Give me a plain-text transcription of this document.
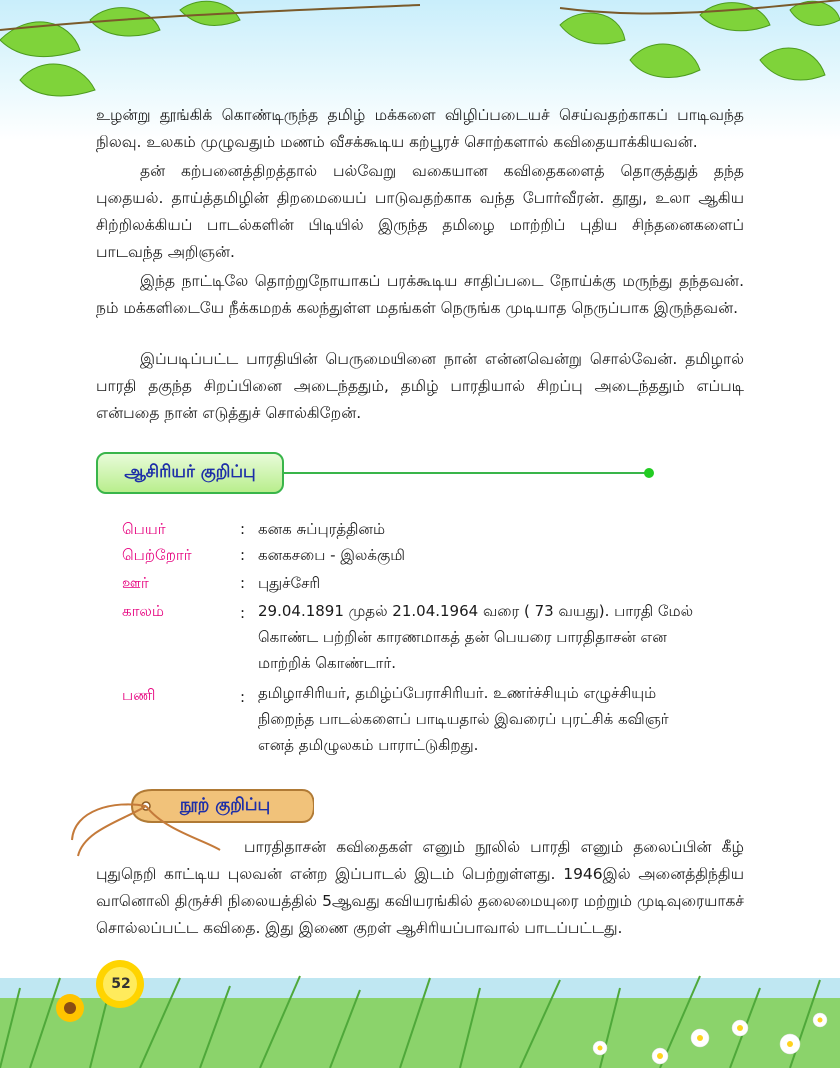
உழன்று தூங்கிக் கொண்டிருந்த தமிழ் மக்களை விழிப்படையச் செய்வதற்காகப் பாடிவந்த நிலவு. உலகம் முழுவதும் மணம் வீசக்கூடிய கற்பூரச் சொற்களால் கவிதையாக்கியவன்.

தன் கற்பனைத்திறத்தால் பல்வேறு வகையான கவிதைகளைத் தொகுத்துத் தந்த புதையல். தாய்த்தமிழின் திறமையைப் பாடுவதற்காக வந்த போர்வீரன். தூது, உலா ஆகிய சிற்றிலக்கியப் பாடல்களின் பிடியில் இருந்த தமிழை மாற்றிப் புதிய சிந்தனைகளைப் பாடவந்த அறிஞன்.

இந்த நாட்டிலே தொற்றுநோயாகப் பரக்கூடிய சாதிப்படை நோய்க்கு மருந்து தந்தவன். நம் மக்களிடையே நீக்கமறக் கலந்துள்ள மதங்கள் நெருங்க முடியாத நெருப்பாக இருந்தவன்.

இப்படிப்பட்ட பாரதியின் பெருமையினை நான் என்னவென்று சொல்வேன். தமிழால் பாரதி தகுந்த சிறப்பினை அடைந்ததும், தமிழ் பாரதியால் சிறப்பு அடைந்ததும் எப்படி என்பதை நான் எடுத்துச் சொல்கிறேன்.

ஆசிரியர் குறிப்பு
பெயர்	: கனக சுப்புரத்தினம்
பெற்றோர்	: கனகசபை - இலக்குமி
ஊர்	: புதுச்சேரி
காலம்	: 29.04.1891 முதல் 21.04.1964 வரை ( 73 வயது). பாரதி மேல் கொண்ட பற்றின் காரணமாகத் தன் பெயரை பாரதிதாசன் என மாற்றிக் கொண்டார்.
பணி	: தமிழாசிரியர், தமிழ்ப்பேராசிரியர். உணர்ச்சியும் எழுச்சியும் நிறைந்த பாடல்களைப் பாடியதால் இவரைப் புரட்சிக் கவிஞர் எனத் தமிழுலகம் பாராட்டுகிறது.
நூற் குறிப்பு

பாரதிதாசன் கவிதைகள் எனும் நூலில் பாரதி எனும் தலைப்பின் கீழ் புதுநெறி காட்டிய புலவன் என்ற இப்பாடல் இடம் பெற்றுள்ளது. 1946இல் அனைத்திந்திய வானொலி திருச்சி நிலையத்தில் 5ஆவது கவியரங்கில் தலைமையுரை மற்றும் முடிவுரையாகச் சொல்லப்பட்ட கவிதை. இது இணை குறள் ஆசிரியப்பாவால் பாடப்பட்டது.

52
